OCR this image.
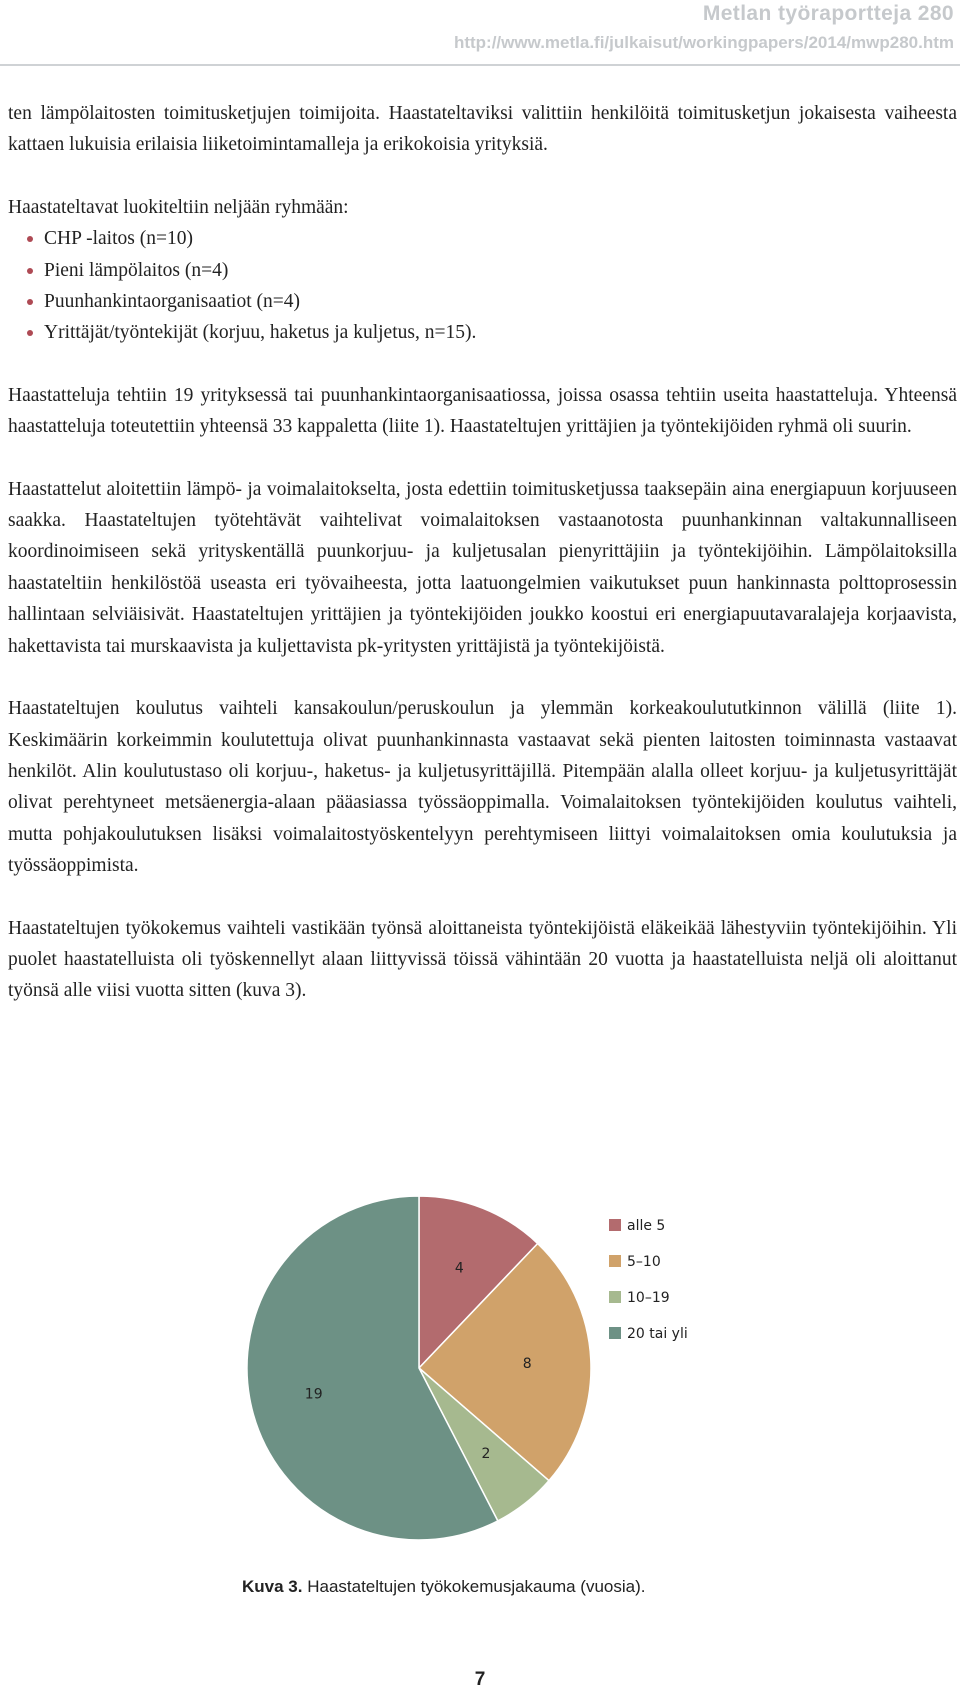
Metlan työraportteja 280
http://www.metla.fi/julkaisut/workingpapers/2014/mwp280.htm

ten lämpölaitosten toimitusketjujen toimijoita. Haastateltaviksi valittiin henkilöitä toimitusketjun jokaisesta vaiheesta kattaen lukuisia erilaisia liiketoimintamalleja ja erikokoisia yrityksiä.

Haastateltavat luokiteltiin neljään ryhmään:

CHP -laitos (n=10)
Pieni lämpölaitos (n=4)
Puunhankintaorganisaatiot (n=4)
Yrittäjät/työntekijät (korjuu, haketus ja kuljetus, n=15).

Haastatteluja tehtiin 19 yrityksessä tai puunhankintaorganisaatiossa, joissa osassa tehtiin useita haastatteluja. Yhteensä haastatteluja toteutettiin yhteensä 33 kappaletta (liite 1). Haastateltujen yrittäjien ja työntekijöiden ryhmä oli suurin.

Haastattelut aloitettiin lämpö- ja voimalaitokselta, josta edettiin toimitusketjussa taaksepäin aina energiapuun korjuuseen saakka. Haastateltujen työtehtävät vaihtelivat voimalaitoksen vastaanotosta puunhankinnan valtakunnalliseen koordinoimiseen sekä yrityskentällä puunkorjuu- ja kuljetusalan pienyrittäjiin ja työntekijöihin. Lämpölaitoksilla haastateltiin henkilöstöä useasta eri työvaiheesta, jotta laatuongelmien vaikutukset puun hankinnasta polttoprosessin hallintaan selviäisivät. Haastateltujen yrittäjien ja työntekijöiden joukko koostui eri energiapuutavaralajeja korjaavista, hakettavista tai murskaavista ja kuljettavista pk-yritysten yrittäjistä ja työntekijöistä.

Haastateltujen koulutus vaihteli kansakoulun/peruskoulun ja ylemmän korkeakoulututkinnon välillä (liite 1). Keskimäärin korkeimmin koulutettuja olivat puunhankinnasta vastaavat sekä pienten laitosten toiminnasta vastaavat henkilöt. Alin koulutustaso oli korjuu-, haketus- ja kuljetusyrittäjillä. Pitempään alalla olleet korjuu- ja kuljetusyrittäjät olivat perehtyneet metsäenergia-alaan pääasiassa työssäoppimalla. Voimalaitoksen työntekijöiden koulutus vaihteli, mutta pohjakoulutuksen lisäksi voimalaitostyöskentelyyn perehtymiseen liittyi voimalaitoksen omia koulutuksia ja työssäoppimista.

Haastateltujen työkokemus vaihteli vastikään työnsä aloittaneista työntekijöistä eläkeikää lähestyviin työntekijöihin. Yli puolet haastatelluista oli työskennellyt alaan liittyvissä töissä vähintään 20 vuotta ja haastatelluista neljä oli aloittanut työnsä alle viisi vuotta sitten (kuva 3).

4
8
2
19
alle 5
5–10
10–19
20 tai yli
Kuva 3. Haastateltujen työkokemusjakauma (vuosia).
7
